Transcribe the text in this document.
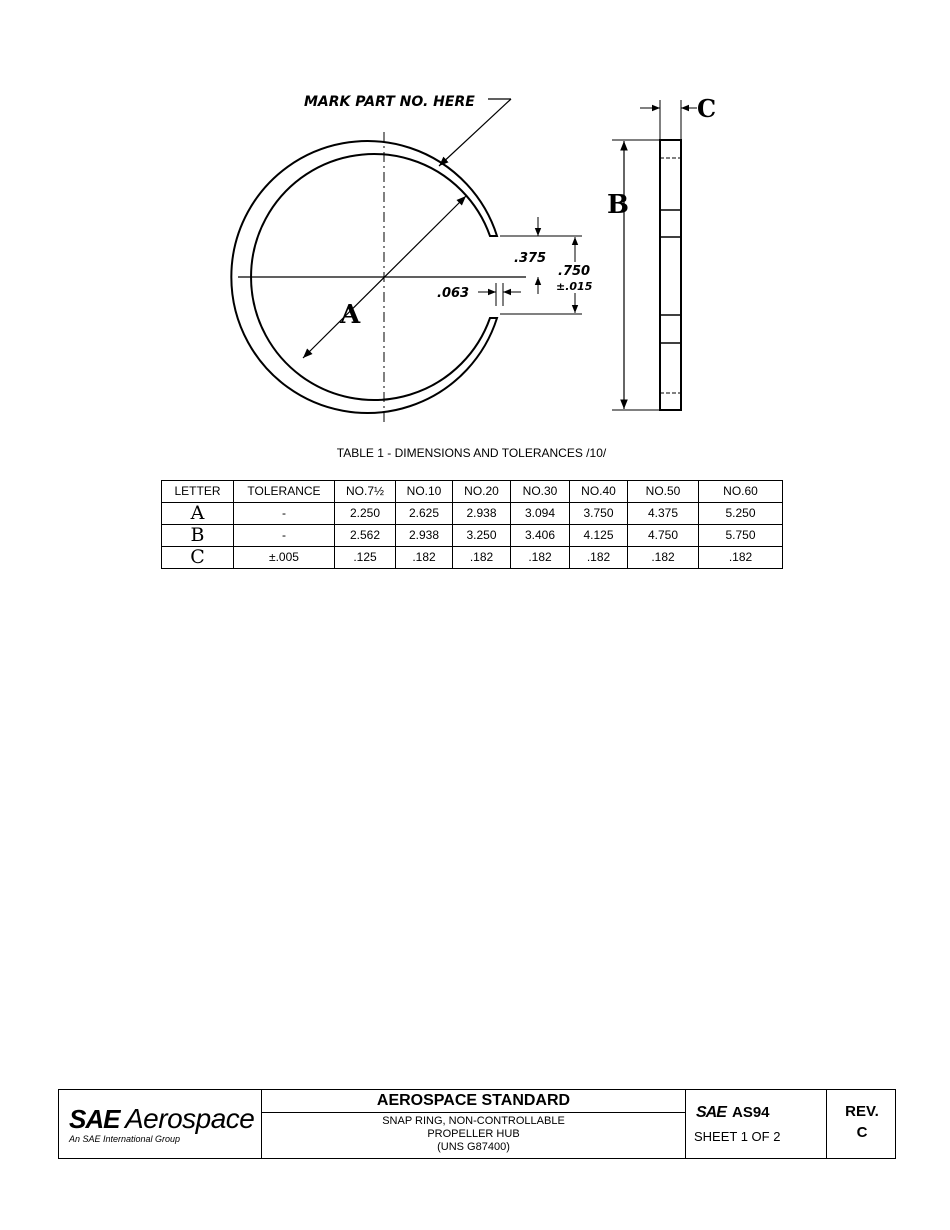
A
MARK PART NO. HERE
.375
.750
±.015
.063
B
C
TABLE 1 - DIMENSIONS AND TOLERANCES /10/
LETTER	TOLERANCE	NO.7½	NO.10	NO.20	NO.30	NO.40	NO.50	NO.60
A	-	2.250	2.625	2.938	3.094	3.750	4.375	5.250
B	-	2.562	2.938	3.250	3.406	4.125	4.750	5.750
C	±.005	.125	.182	.182	.182	.182	.182	.182
SAE Aerospace
An SAE International Group
AEROSPACE STANDARD
SNAP RING, NON-CONTROLLABLE
PROPELLER HUB
(UNS G87400)
SAE AS94
SHEET 1 OF 2
REV.
C
